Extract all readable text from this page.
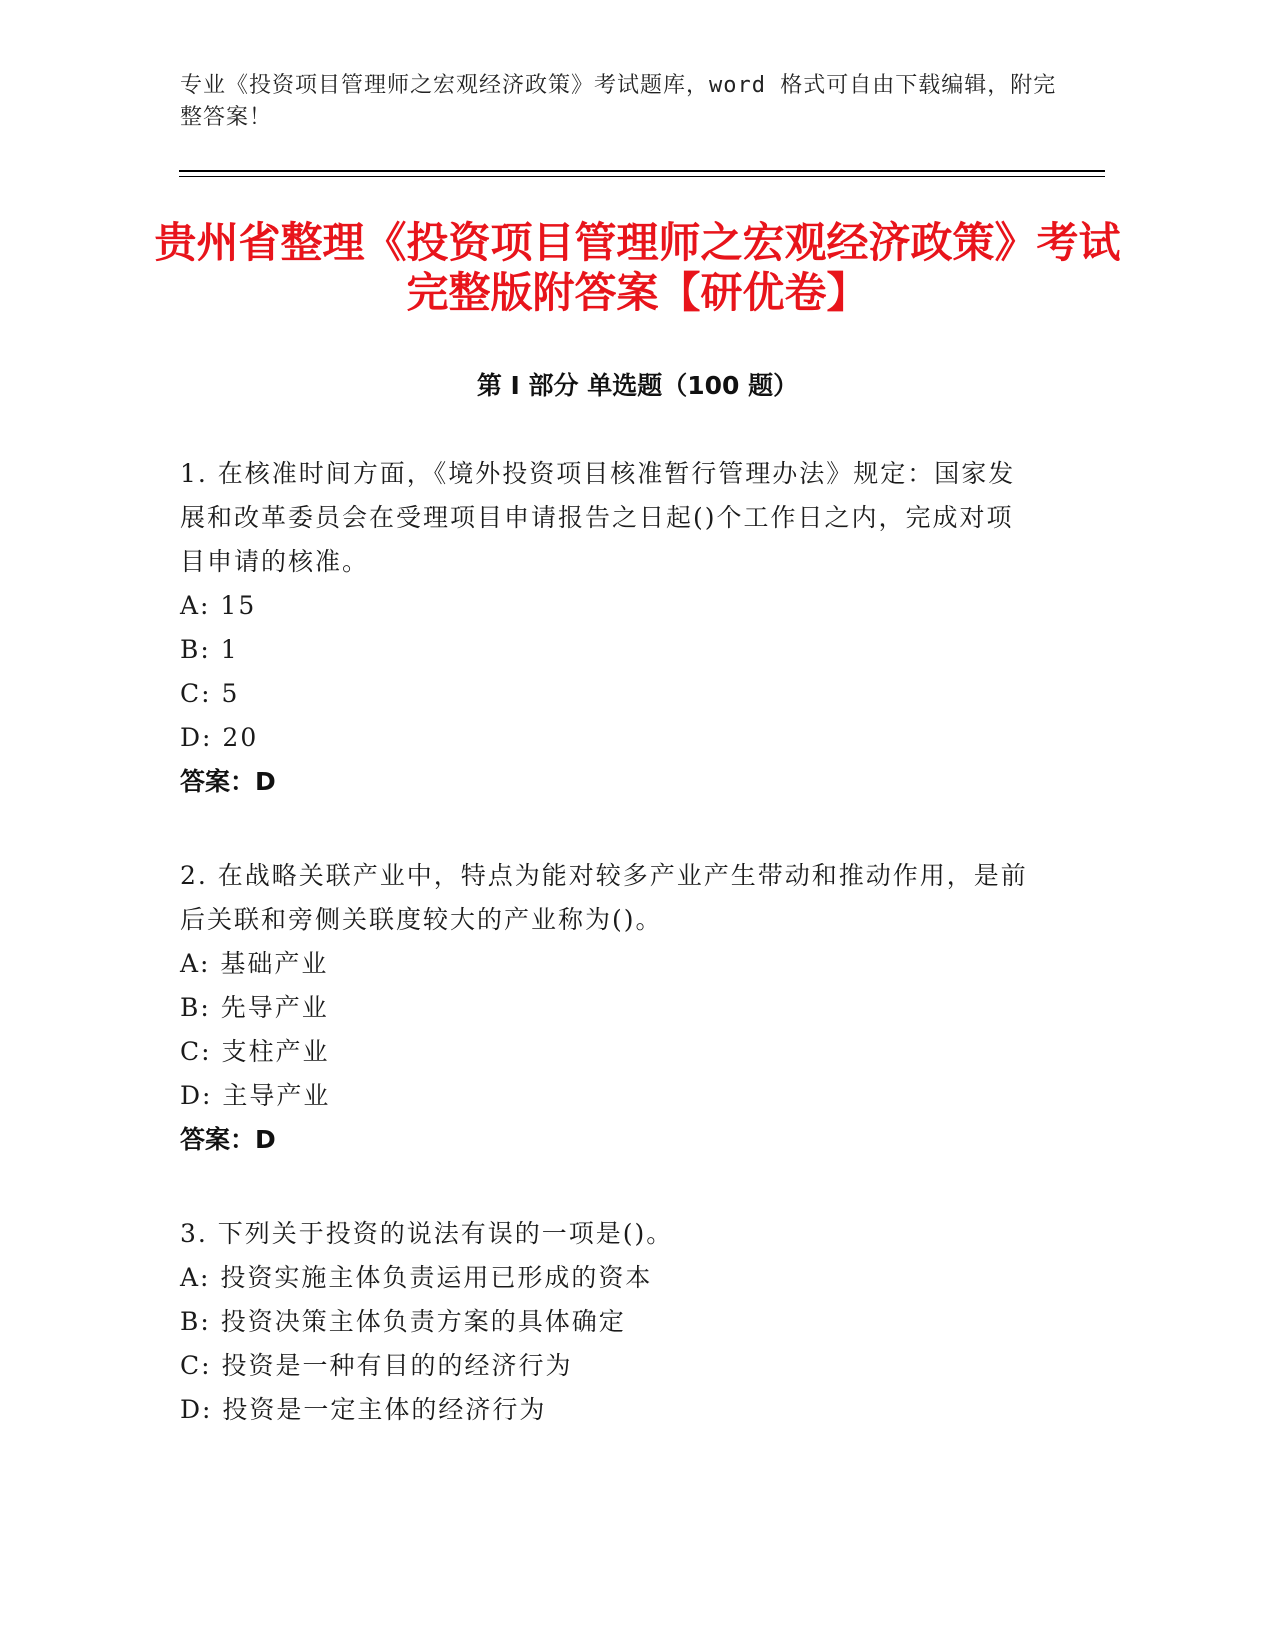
专业《投资项目管理师之宏观经济政策》考试题库，word 格式可自由下载编辑，附完整答案！
贵州省整理《投资项目管理师之宏观经济政策》考试完整版附答案【研优卷】
第 I 部分 单选题（100 题）
1. 在核准时间方面，《境外投资项目核准暂行管理办法》规定：国家发展和改革委员会在受理项目申请报告之日起()个工作日之内，完成对项目申请的核准。
A: 15
B: 1
C: 5
D: 20
答案：D
2. 在战略关联产业中，特点为能对较多产业产生带动和推动作用，是前后关联和旁侧关联度较大的产业称为()。
A: 基础产业
B: 先导产业
C: 支柱产业
D: 主导产业
答案：D
3. 下列关于投资的说法有误的一项是()。
A: 投资实施主体负责运用已形成的资本
B: 投资决策主体负责方案的具体确定
C: 投资是一种有目的的经济行为
D: 投资是一定主体的经济行为
